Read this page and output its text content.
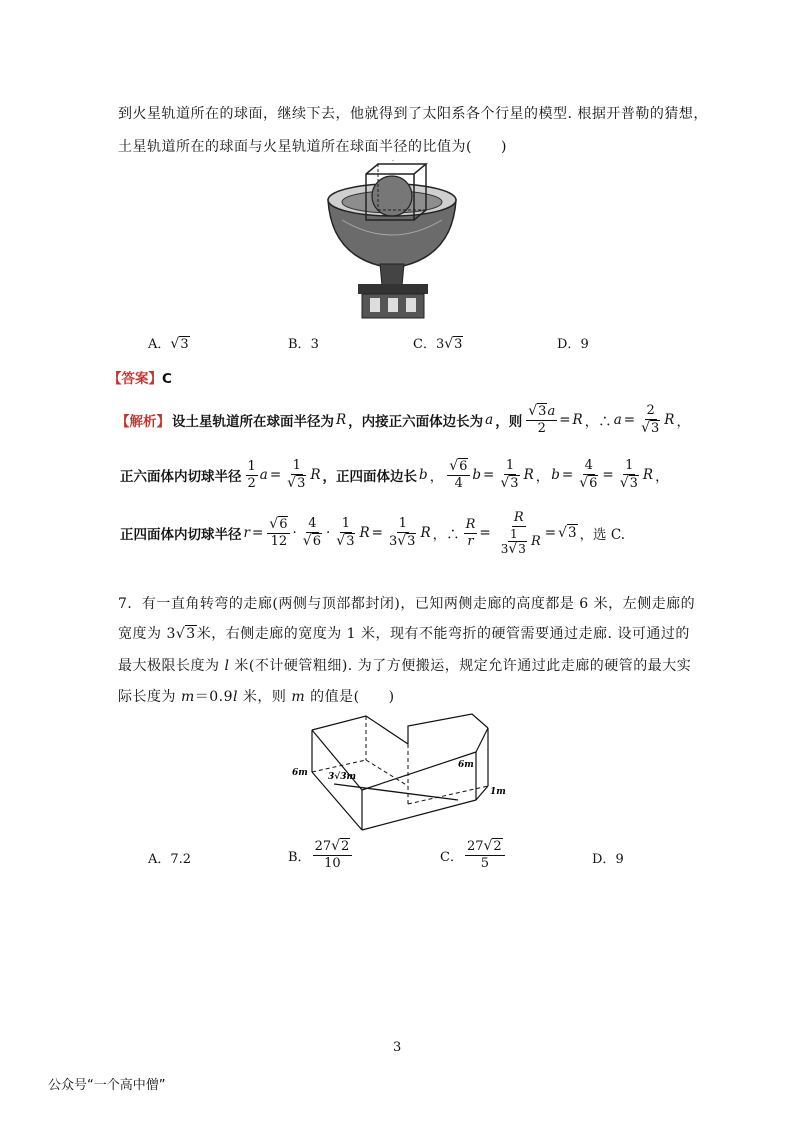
到火星轨道所在的球面，继续下去，他就得到了太阳系各个行星的模型. 根据开普勒的猜想，
土星轨道所在的球面与火星轨道所在球面半径的比值为(　　)
A．√3	B．3	C．3√3	D．9
【答案】C
【解析】 设土星轨道所在球面半径为 R ，内接正六面体边长为 a ，则 $\frac{√3a}{2} = R$ ，∴ $a = \frac{2}{√3}$ R ，
正六面体内切球半径 $\frac{1}{2}$ $a = \frac{1}{√3}$ R ，正四面体边长 b ， $\frac{√6}{4}$ $b = \frac{1}{√3}$ R ， $b = \frac{4}{√6} = \frac{1}{√3}$ R ，
正四面体内切球半径 $r = \frac{√6}{12} \cdot \frac{4}{√6} \cdot \frac{1}{√3}$ $R = \frac{1}{3√3}$ R ，∴ $\frac{R}{r} = \frac{R}{\frac{1}{3√3} R} = √3$ ，选 C.
7．有一直角转弯的走廊(两侧与顶部都封闭)，已知两侧走廊的高度都是 6 米，左侧走廊的
宽度为 3√3米，右侧走廊的宽度为 1 米，现有不能弯折的硬管需要通过走廊. 设可通过的
最大极限长度为 l 米(不计硬管粗细). 为了方便搬运，规定允许通过此走廊的硬管的最大实
际长度为 m＝0.9l 米，则 m 的值是(　　)
6m 3√3m
6m
1m
A．7.2	B． $\frac{27√2}{10}$	C． $\frac{27√2}{5}$	D．9
3
公众号“一个高中僧”
